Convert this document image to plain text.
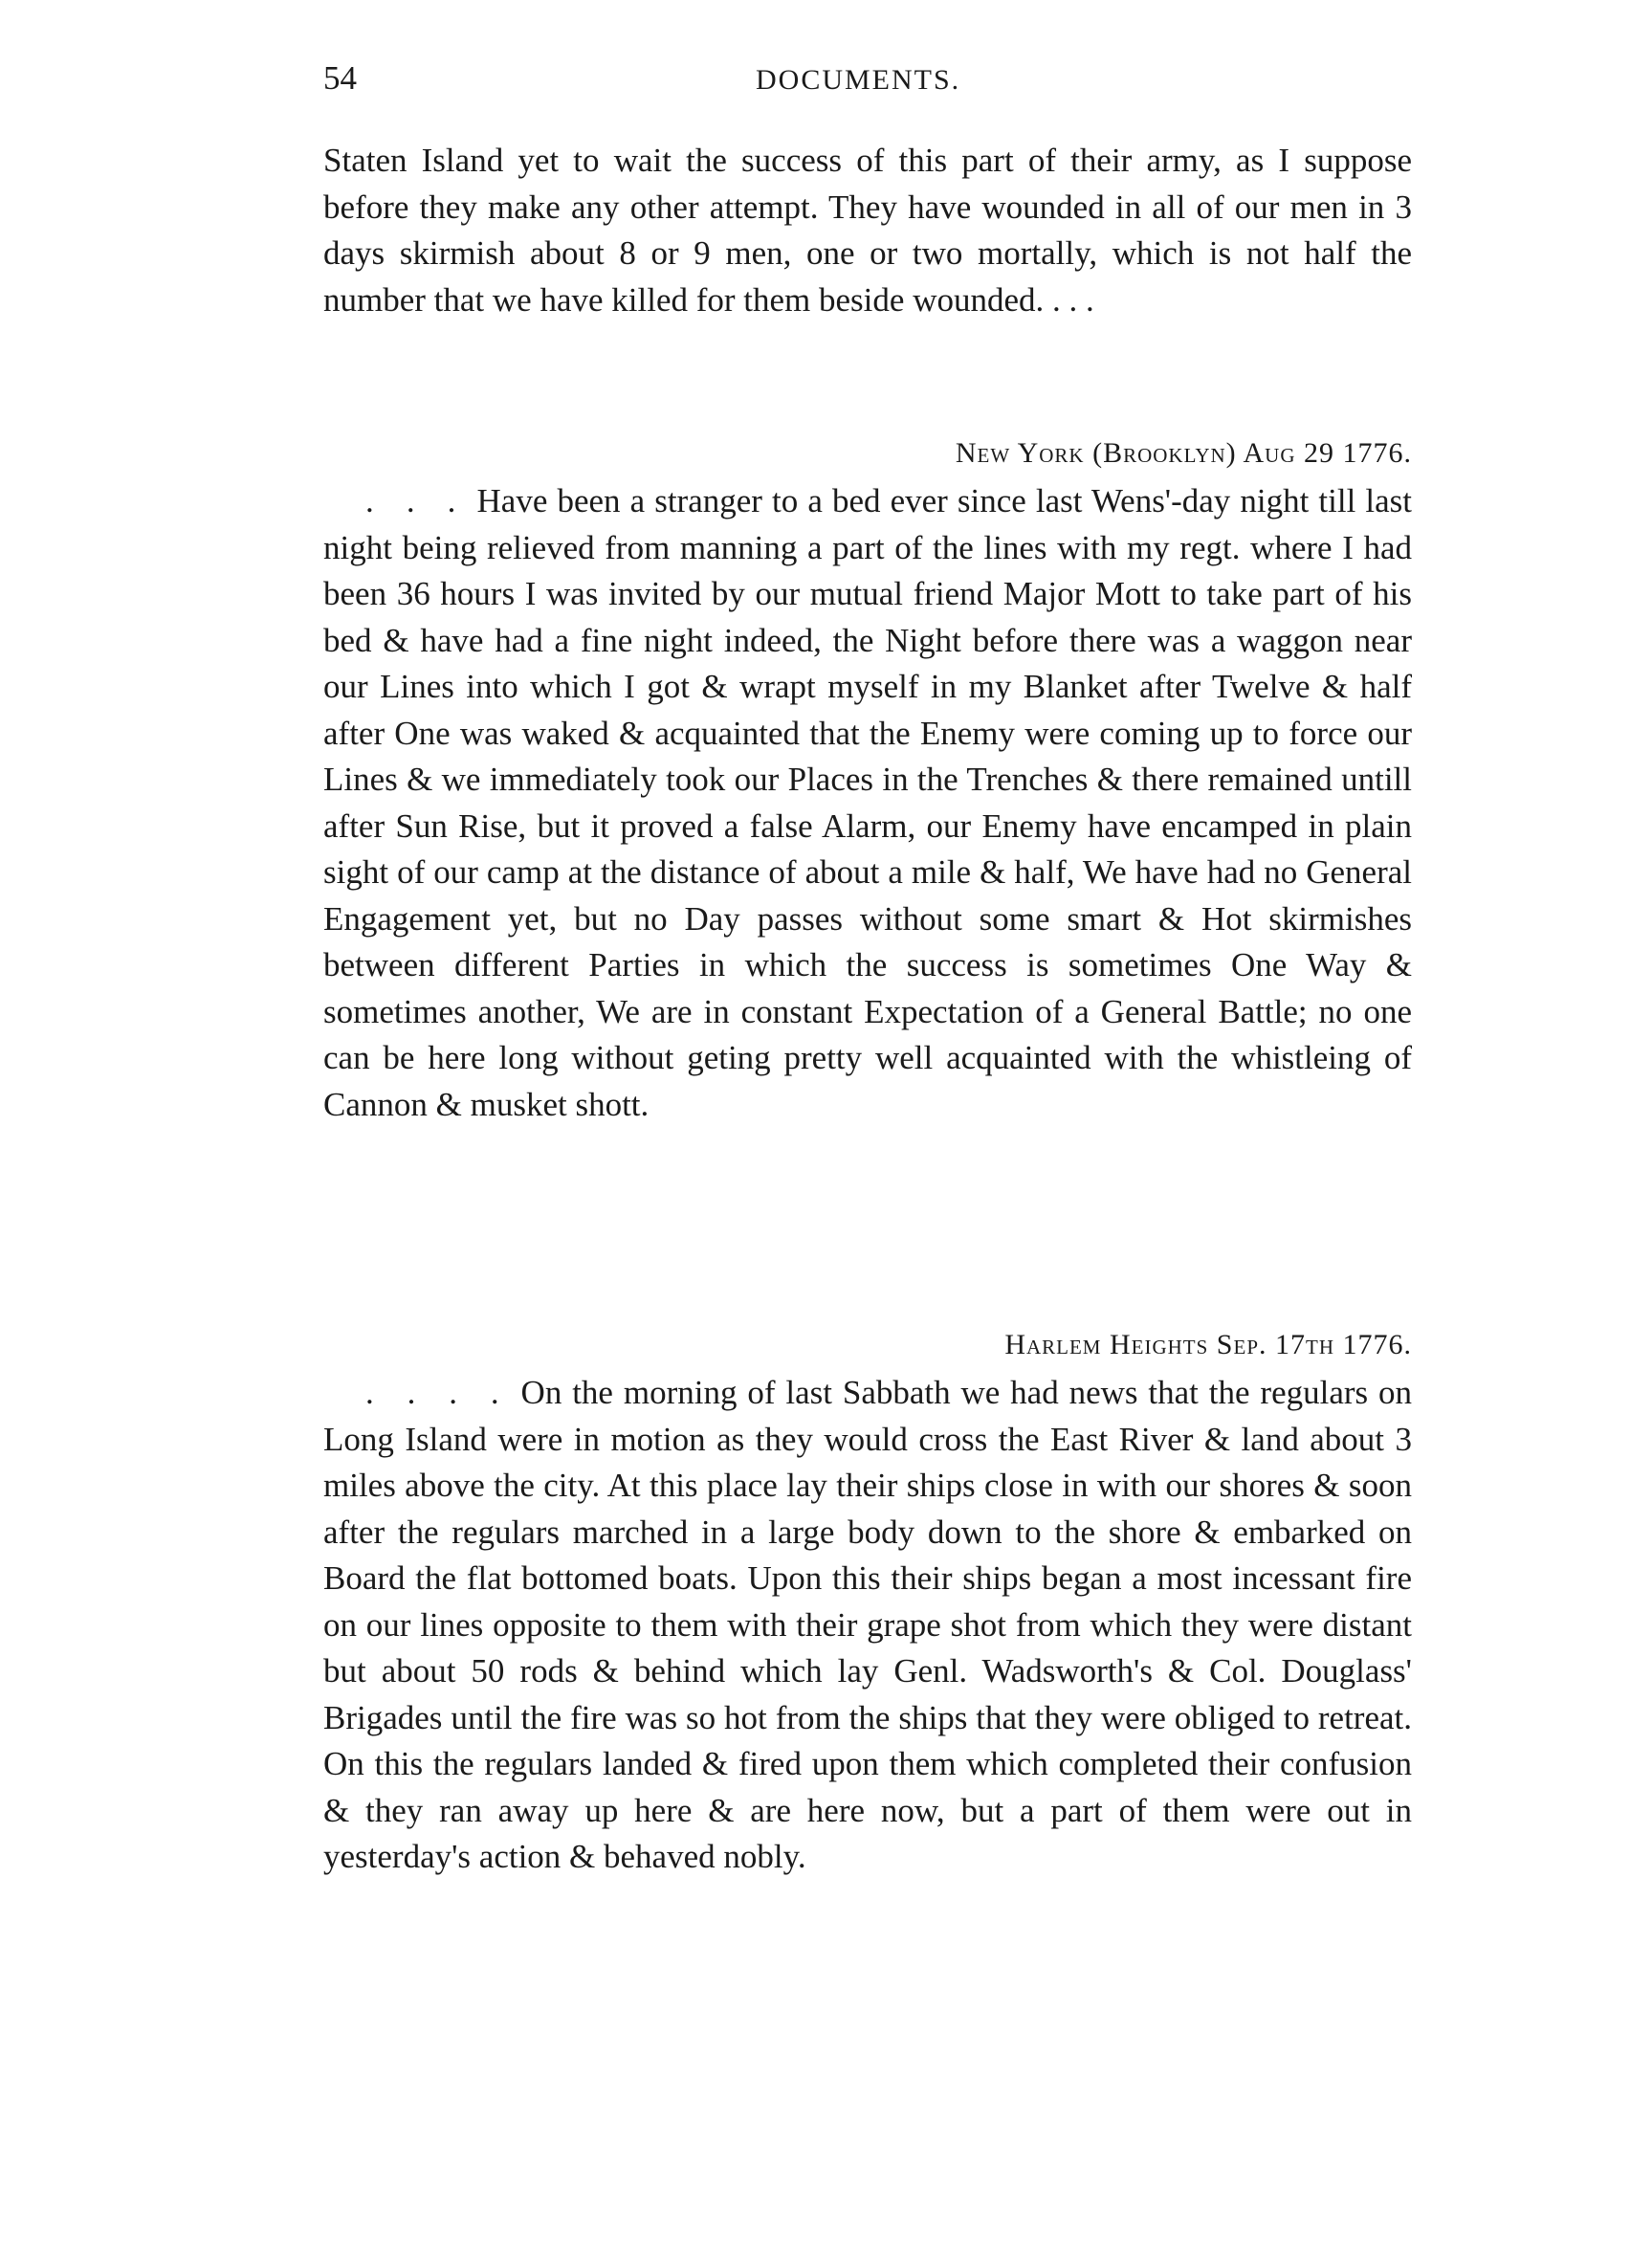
54	DOCUMENTS.

Staten Island yet to wait the success of this part of their army, as I suppose before they make any other attempt. They have wounded in all of our men in 3 days skirmish about 8 or 9 men, one or two mortally, which is not half the number that we have killed for them beside wounded. . . .

New York (Brooklyn) Aug 29 1776.

. . . Have been a stranger to a bed ever since last Wens'-day night till last night being relieved from manning a part of the lines with my regt. where I had been 36 hours I was invited by our mutual friend Major Mott to take part of his bed & have had a fine night indeed, the Night before there was a waggon near our Lines into which I got & wrapt myself in my Blanket after Twelve & half after One was waked & acquainted that the Enemy were coming up to force our Lines & we immediately took our Places in the Trenches & there remained untill after Sun Rise, but it proved a false Alarm, our Enemy have encamped in plain sight of our camp at the distance of about a mile & half, We have had no General Engagement yet, but no Day passes without some smart & Hot skirmishes between different Parties in which the success is sometimes One Way & sometimes another, We are in constant Expectation of a General Battle; no one can be here long without geting pretty well acquainted with the whistleing of Cannon & musket shott.

Harlem Heights Sep. 17th 1776.

. . . . On the morning of last Sabbath we had news that the regulars on Long Island were in motion as they would cross the East River & land about 3 miles above the city. At this place lay their ships close in with our shores & soon after the regulars marched in a large body down to the shore & embarked on Board the flat bottomed boats. Upon this their ships began a most incessant fire on our lines opposite to them with their grape shot from which they were distant but about 50 rods & behind which lay Genl. Wadsworth's & Col. Douglass' Brigades until the fire was so hot from the ships that they were obliged to retreat. On this the regulars landed & fired upon them which completed their confusion & they ran away up here & are here now, but a part of them were out in yesterday's action & behaved nobly.
